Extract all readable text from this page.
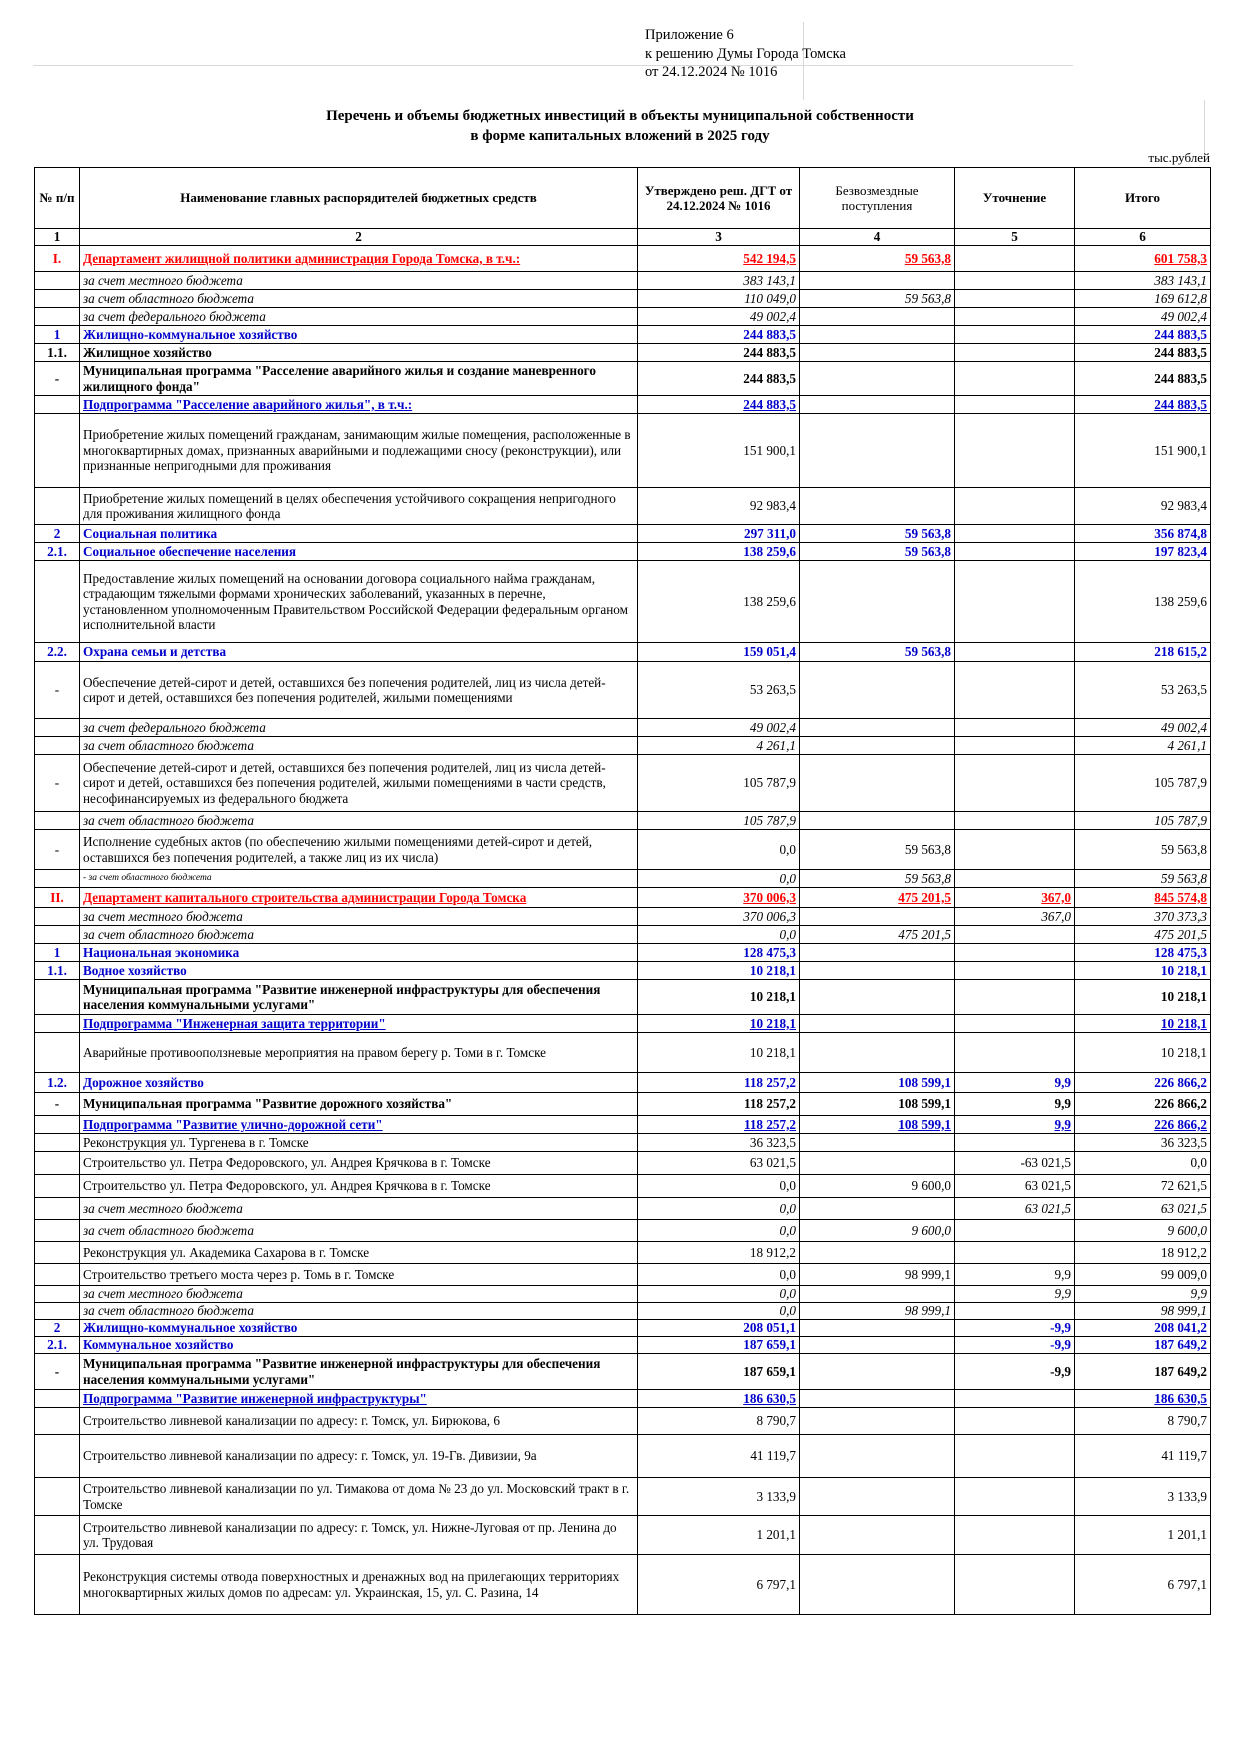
Приложение 6
к решению Думы Города Томска
от 24.12.2024 № 1016
Перечень и объемы бюджетных инвестиций в объекты муниципальной собственности
в форме капитальных вложений в 2025 году
тыс.рублей
№ п/п	Наименование главных распорядителей бюджетных средств	Утверждено реш. ДГТ от 24.12.2024 № 1016	Безвозмездные поступления	Уточнение	Итого
1	2	3	4	5	6
I.	Департамент жилищной политики администрация Города Томска, в т.ч.:	542 194,5	59 563,8		601 758,3
	за счет местного бюджета	383 143,1			383 143,1
	за счет областного бюджета	110 049,0	59 563,8		169 612,8
	за счет федерального бюджета	49 002,4			49 002,4
1	Жилищно-коммунальное хозяйство	244 883,5			244 883,5
1.1.	Жилищное хозяйство	244 883,5			244 883,5
-	Муниципальная программа "Расселение аварийного жилья и создание маневренного жилищного фонда"	244 883,5			244 883,5
	Подпрограмма "Расселение аварийного жилья", в т.ч.:	244 883,5			244 883,5
	Приобретение жилых помещений гражданам, занимающим жилые помещения, расположенные в многоквартирных домах, признанных аварийными и подлежащими сносу (реконструкции), или признанные непригодными для проживания	151 900,1			151 900,1
	Приобретение жилых помещений в целях обеспечения устойчивого сокращения непригодного для проживания жилищного фонда	92 983,4			92 983,4
2	Социальная политика	297 311,0	59 563,8		356 874,8
2.1.	Социальное обеспечение населения	138 259,6	59 563,8		197 823,4
	Предоставление жилых помещений на основании договора социального найма гражданам, страдающим тяжелыми формами хронических заболеваний, указанных в перечне, установленном уполномоченным Правительством Российской Федерации федеральным органом исполнительной власти	138 259,6			138 259,6
2.2.	Охрана семьи и детства	159 051,4	59 563,8		218 615,2
-	Обеспечение детей-сирот и детей, оставшихся без попечения родителей, лиц из числа детей-сирот и детей, оставшихся без попечения родителей, жилыми помещениями	53 263,5			53 263,5
	за счет федерального бюджета	49 002,4			49 002,4
	за счет областного бюджета	4 261,1			4 261,1
-	Обеспечение детей-сирот и детей, оставшихся без попечения родителей, лиц из числа детей-сирот и детей, оставшихся без попечения родителей, жилыми помещениями в части средств, несофинансируемых из федерального бюджета	105 787,9			105 787,9
	за счет областного бюджета	105 787,9			105 787,9
-	Исполнение судебных актов (по обеспечению жилыми помещениями детей-сирот и детей, оставшихся без попечения родителей, а также лиц из их числа)	0,0	59 563,8		59 563,8
	- за счет областного бюджета	0,0	59 563,8		59 563,8
II.	Департамент капитального строительства администрации Города Томска	370 006,3	475 201,5	367,0	845 574,8
	за счет местного бюджета	370 006,3		367,0	370 373,3
	за счет областного бюджета	0,0	475 201,5		475 201,5
1	Национальная экономика	128 475,3			128 475,3
1.1.	Водное хозяйство	10 218,1			10 218,1
	Муниципальная программа "Развитие инженерной инфраструктуры для обеспечения населения коммунальными услугами"	10 218,1			10 218,1
	Подпрограмма "Инженерная защита территории"	10 218,1			10 218,1
	Аварийные противооползневые мероприятия на правом берегу р. Томи в г. Томске	10 218,1			10 218,1
1.2.	Дорожное хозяйство	118 257,2	108 599,1	9,9	226 866,2
-	Муниципальная программа "Развитие дорожного хозяйства"	118 257,2	108 599,1	9,9	226 866,2
	Подпрограмма "Развитие улично-дорожной сети"	118 257,2	108 599,1	9,9	226 866,2
	Реконструкция ул. Тургенева в г. Томске	36 323,5			36 323,5
	Строительство ул. Петра Федоровского, ул. Андрея Крячкова в г. Томске	63 021,5		-63 021,5	0,0
	Строительство ул. Петра Федоровского, ул. Андрея Крячкова в г. Томске	0,0	9 600,0	63 021,5	72 621,5
	за счет местного бюджета	0,0		63 021,5	63 021,5
	за счет областного бюджета	0,0	9 600,0		9 600,0
	Реконструкция ул. Академика Сахарова в г. Томске	18 912,2			18 912,2
	Строительство третьего моста через р. Томь в г. Томске	0,0	98 999,1	9,9	99 009,0
	за счет местного бюджета	0,0		9,9	9,9
	за счет областного бюджета	0,0	98 999,1		98 999,1
2	Жилищно-коммунальное хозяйство	208 051,1		-9,9	208 041,2
2.1.	Коммунальное хозяйство	187 659,1		-9,9	187 649,2
-	Муниципальная программа "Развитие инженерной инфраструктуры для обеспечения населения коммунальными услугами"	187 659,1		-9,9	187 649,2
	Подпрограмма "Развитие инженерной инфраструктуры"	186 630,5			186 630,5
	Строительство ливневой канализации по адресу: г. Томск, ул. Бирюкова, 6	8 790,7			8 790,7
	Строительство ливневой канализации по адресу: г. Томск, ул. 19-Гв. Дивизии, 9а	41 119,7			41 119,7
	Строительство ливневой канализации по ул. Тимакова от дома № 23 до ул. Московский тракт в г. Томске	3 133,9			3 133,9
	Строительство ливневой канализации по адресу: г. Томск, ул. Нижне-Луговая от пр. Ленина до ул. Трудовая	1 201,1			1 201,1
	Реконструкция системы отвода поверхностных и дренажных вод на прилегающих территориях многоквартирных жилых домов по адресам: ул. Украинская, 15, ул. С. Разина, 14	6 797,1			6 797,1
